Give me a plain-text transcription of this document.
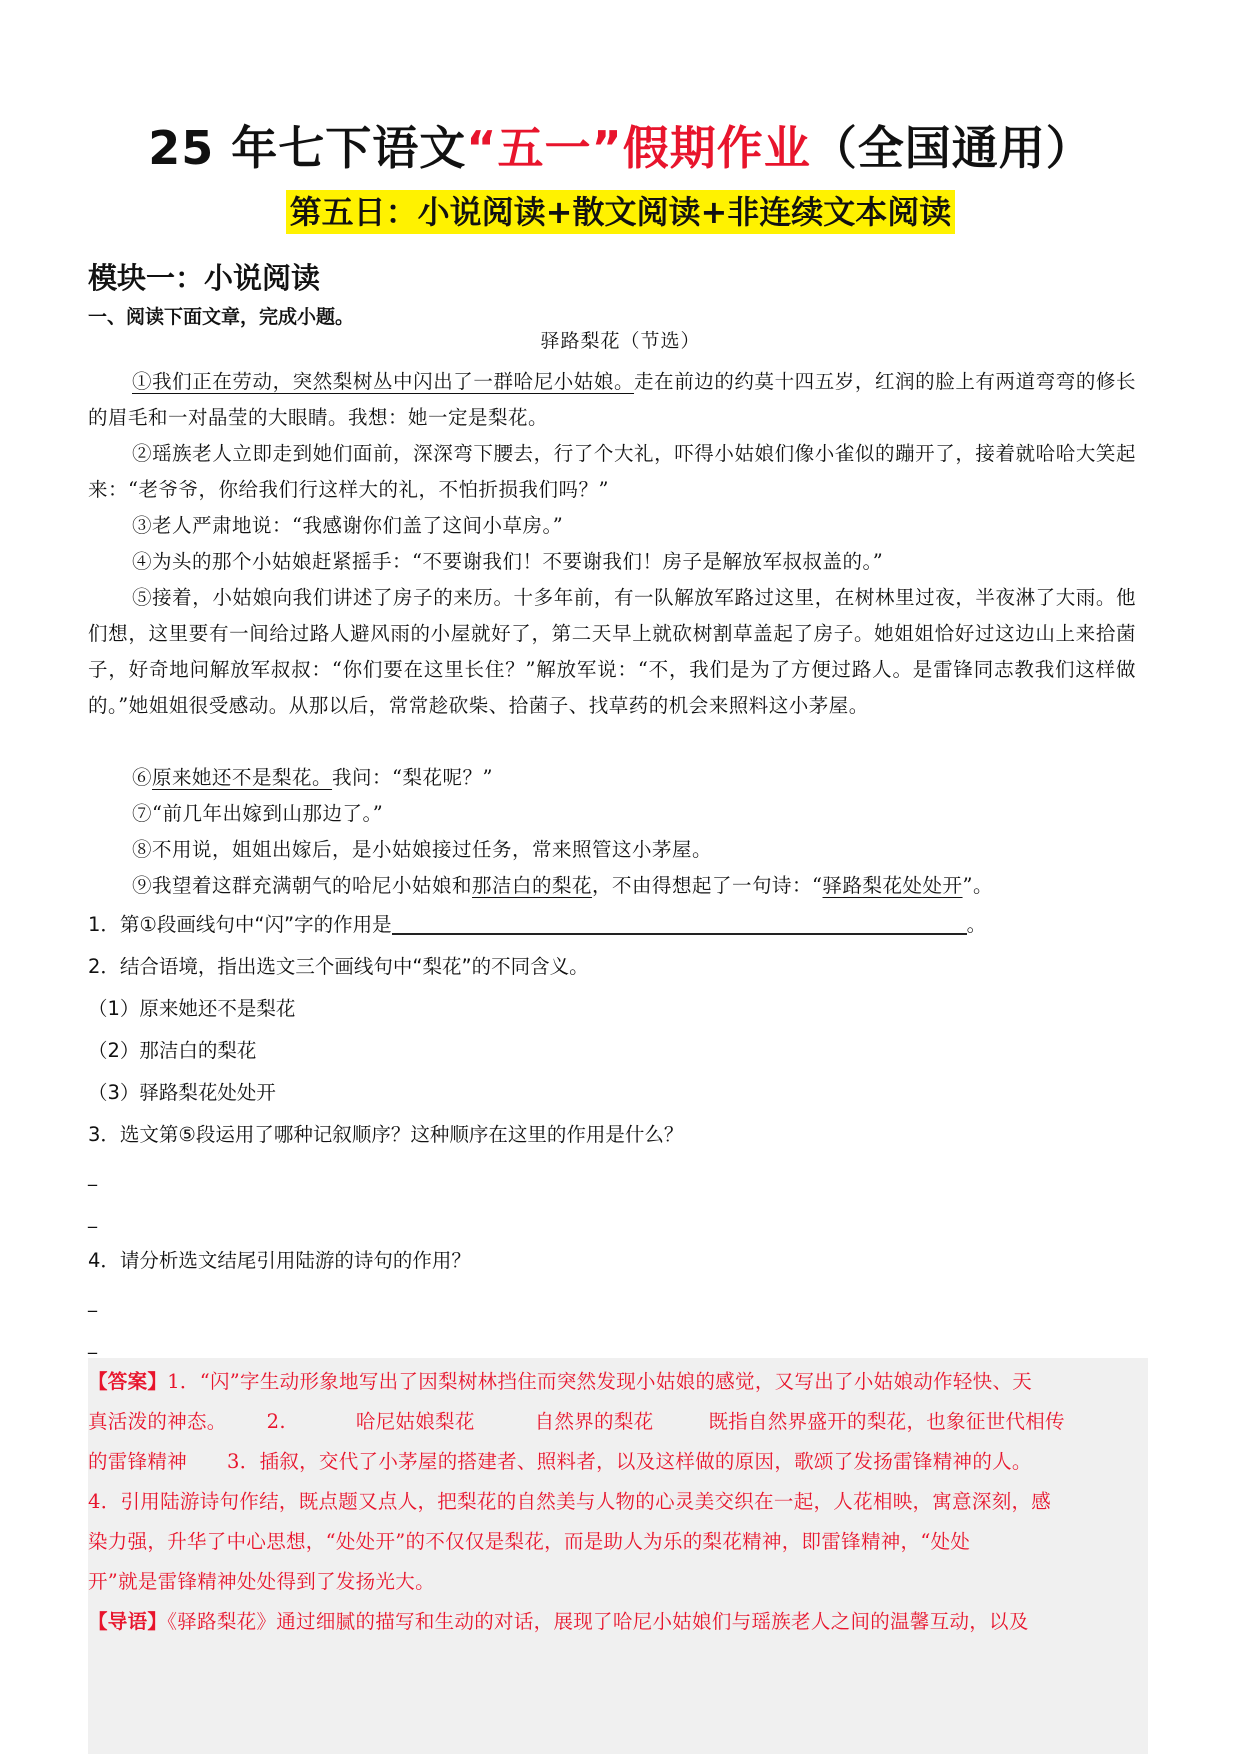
25 年七下语文“五一”假期作业（全国通用）
第五日：小说阅读+散文阅读+非连续文本阅读
模块一：小说阅读
一、阅读下面文章，完成小题。
驿路梨花（节选）
①我们正在劳动，突然梨树丛中闪出了一群哈尼小姑娘。走在前边的约莫十四五岁，红润的脸上有两道弯弯的修长的眉毛和一对晶莹的大眼睛。我想：她一定是梨花。
②瑶族老人立即走到她们面前，深深弯下腰去，行了个大礼，吓得小姑娘们像小雀似的蹦开了，接着就哈哈大笑起来：“老爷爷，你给我们行这样大的礼，不怕折损我们吗？”
③老人严肃地说：“我感谢你们盖了这间小草房。”
④为头的那个小姑娘赶紧摇手：“不要谢我们！不要谢我们！房子是解放军叔叔盖的。”
⑤接着，小姑娘向我们讲述了房子的来历。十多年前，有一队解放军路过这里，在树林里过夜，半夜淋了大雨。他们想，这里要有一间给过路人避风雨的小屋就好了，第二天早上就砍树割草盖起了房子。她姐姐恰好过这边山上来拾菌子，好奇地问解放军叔叔：“你们要在这里长住？”解放军说：“不，我们是为了方便过路人。是雷锋同志教我们这样做的。”她姐姐很受感动。从那以后，常常趁砍柴、拾菌子、找草药的机会来照料这小茅屋。
⑥原来她还不是梨花。我问：“梨花呢？”
⑦“前几年出嫁到山那边了。”
⑧不用说，姐姐出嫁后，是小姑娘接过任务，常来照管这小茅屋。
⑨我望着这群充满朝气的哈尼小姑娘和那洁白的梨花，不由得想起了一句诗：“驿路梨花处处开”。
1．第①段画线句中“闪”字的作用是	。
2．结合语境，指出选文三个画线句中“梨花”的不同含义。
（1）原来她还不是梨花
（2）那洁白的梨花
（3）驿路梨花处处开
3．选文第⑤段运用了哪种记叙顺序？这种顺序在这里的作用是什么？
_
_
4．请分析选文结尾引用陆游的诗句的作用？
_
_
【答案】1．“闪”字生动形象地写出了因梨树林挡住而突然发现小姑娘的感觉，又写出了小姑娘动作轻快、天
真活泼的神态。 2.	哈尼姑娘梨花	自然界的梨花	既指自然界盛开的梨花，也象征世代相传
的雷锋精神 3．插叙，交代了小茅屋的搭建者、照料者，以及这样做的原因，歌颂了发扬雷锋精神的人。
4．引用陆游诗句作结，既点题又点人，把梨花的自然美与人物的心灵美交织在一起，人花相映，寓意深刻，感
染力强，升华了中心思想，“处处开”的不仅仅是梨花，而是助人为乐的梨花精神，即雷锋精神，“处处
开”就是雷锋精神处处得到了发扬光大。
【导语】《驿路梨花》通过细腻的描写和生动的对话，展现了哈尼小姑娘们与瑶族老人之间的温馨互动，以及
